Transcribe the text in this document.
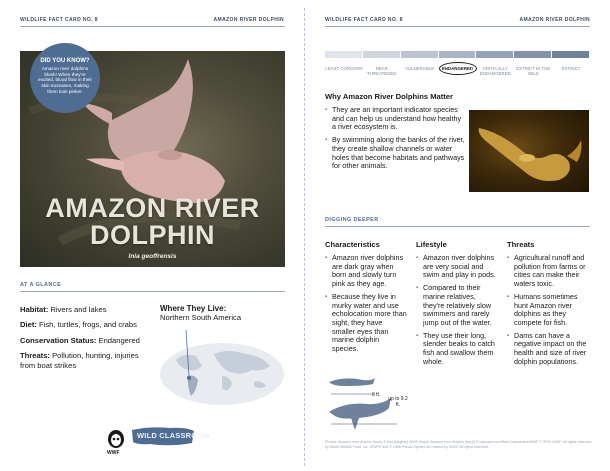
WILDLIFE FACT CARD NO. 8	AMAZON RIVER DOLPHIN
AMAZON RIVER
DOLPHIN
Inia geoffrensis
DID YOU KNOW?
Amazon river dolphins blush! When they're excited, blood flow in their skin increases, making them look pinker.
AT A GLANCE
Habitat: Rivers and lakes
Diet: Fish, turtles, frogs, and crabs
Conservation Status: Endangered
Threats: Pollution, hunting, injuries from boat strikes
Where They Live:
Northern South America
WWF
WILD CLASSROOM
WILDLIFE FACT CARD NO. 8	AMAZON RIVER DOLPHIN
LEAST CONCERN	NEAR THREATENED
VULNERABLE	ENDANGERED	CRITICALLY ENDANGERED
EXTINCT IN THE WILD
EXTINCT
Why Amazon River Dolphins Matter
▪ They are an important indicator species and can help us understand how healthy a river ecosystem is.
▪ By swimming along the banks of the river, they create shallow channels or water holes that become habitats and pathways for other animals.
DIGGING DEEPER
Characteristics
▪ Amazon river dolphins are dark gray when born and slowly turn pink as they age.
▪ Because they live in murky water and use echolocation more than sight, they have smaller eyes than marine dolphin species.
Lifestyle
▪ Amazon river dolphins are very social and swim and play in pods.
▪ Compared to their marine relatives, they're relatively slow swimmers and rarely jump out of the water.
▪ They use their long, slender beaks to catch fish and swallow them whole.
Threats
▪ Agricultural runoff and pollution from farms or cities can make their waters toxic.
▪ Humans sometimes hunt Amazon river dolphins as they compete for fish.
▪ Dams can have a negative impact on the health and size of river dolphin populations.
6 ft.
up to 9.2 ft.
Photos: Amazon river dolphin (front) © Kay [illegible] WWF-Brazil; Amazon river dolphin (back) © naturepl.com/Mark Carwardine/WWF © 2024 WWF. All rights reserved by World Wildlife Fund, Inc. WWF® and © 1986 Panda Symbol are owned by WWF. All rights reserved.
